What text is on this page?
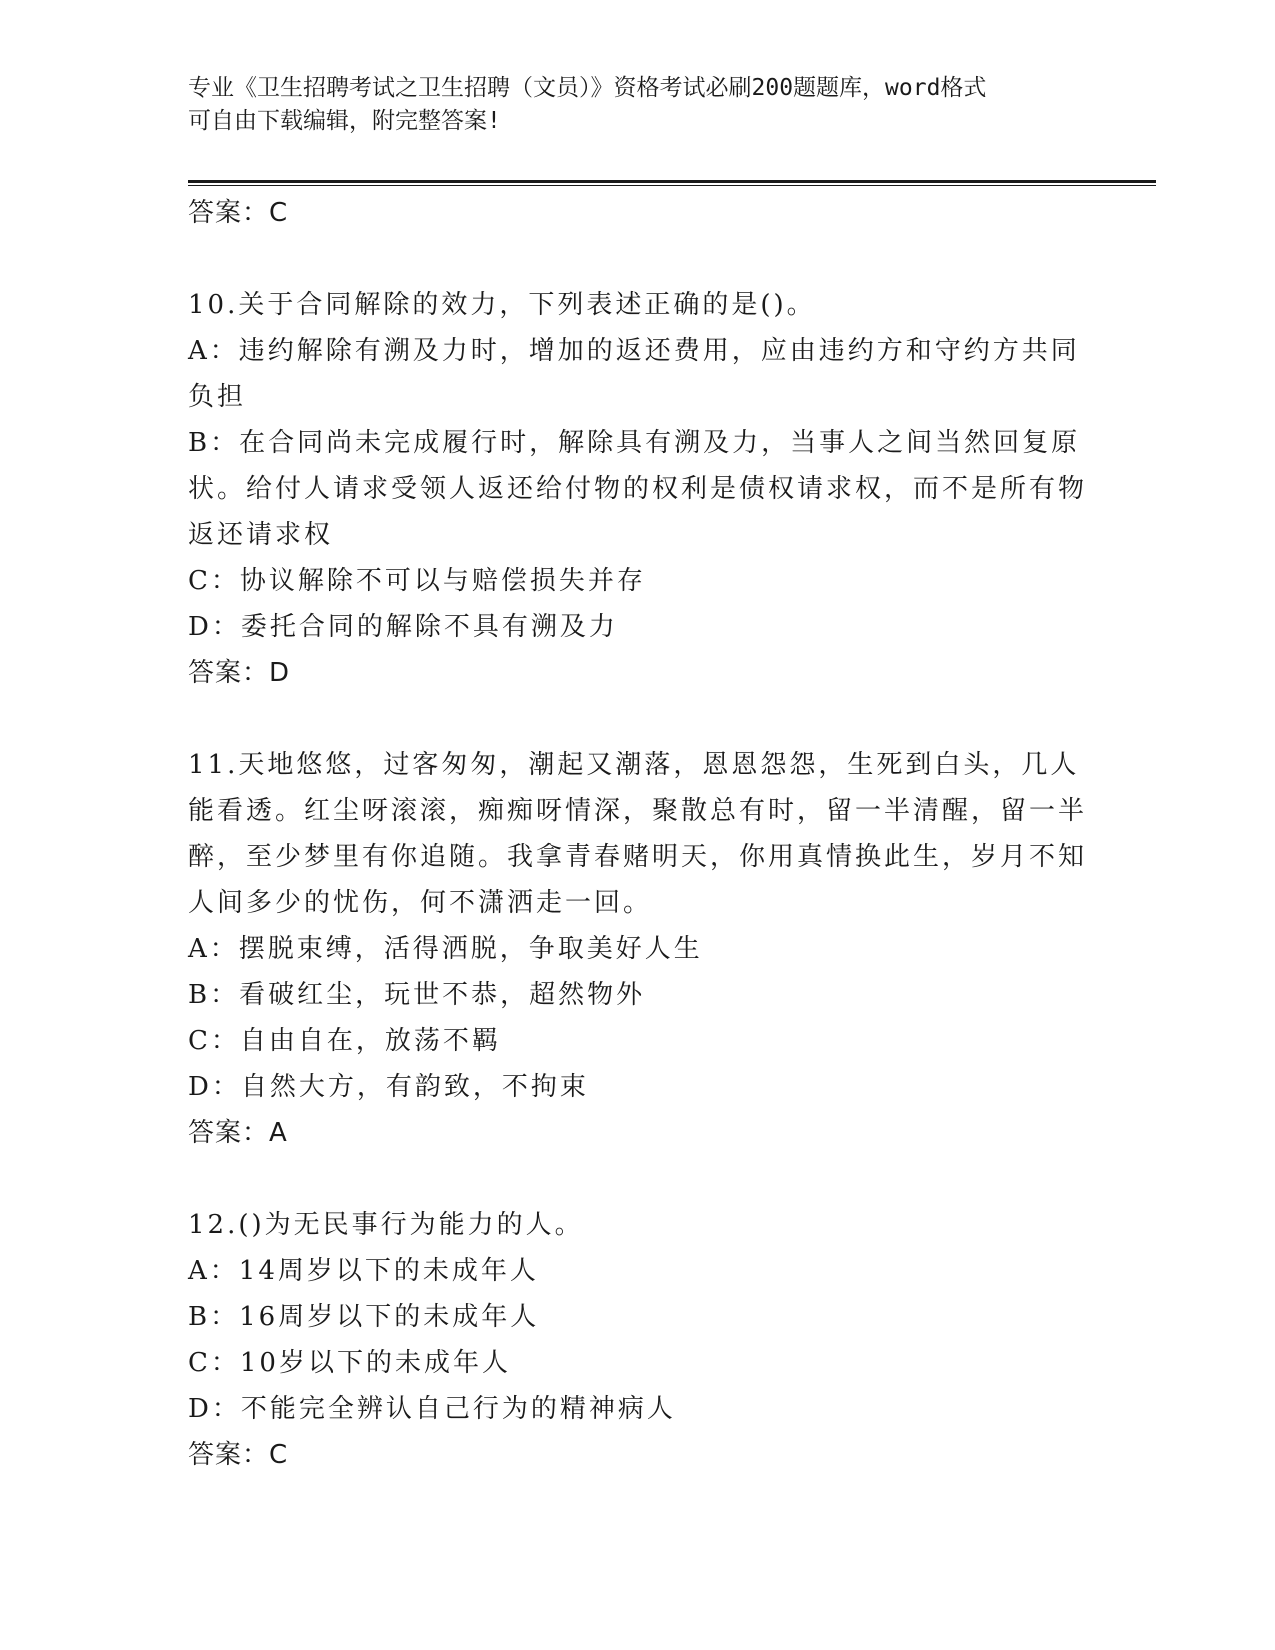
专业《卫生招聘考试之卫生招聘（文员）》资格考试必刷200题题库，word格式
可自由下载编辑，附完整答案!
答案：C
10.关于合同解除的效力，下列表述正确的是()。
A：违约解除有溯及力时，增加的返还费用，应由违约方和守约方共同负担
B：在合同尚未完成履行时，解除具有溯及力，当事人之间当然回复原状。给付人请求受领人返还给付物的权利是债权请求权，而不是所有物返还请求权
C：协议解除不可以与赔偿损失并存
D：委托合同的解除不具有溯及力
答案：D
11.天地悠悠，过客匆匆，潮起又潮落，恩恩怨怨，生死到白头，几人能看透。红尘呀滚滚，痴痴呀情深，聚散总有时，留一半清醒，留一半醉，至少梦里有你追随。我拿青春赌明天，你用真情换此生，岁月不知人间多少的忧伤，何不潇洒走一回。
A：摆脱束缚，活得洒脱，争取美好人生
B：看破红尘，玩世不恭，超然物外
C：自由自在，放荡不羁
D：自然大方，有韵致，不拘束
答案：A
12.()为无民事行为能力的人。
A：14周岁以下的未成年人
B：16周岁以下的未成年人
C：10岁以下的未成年人
D：不能完全辨认自己行为的精神病人
答案：C
